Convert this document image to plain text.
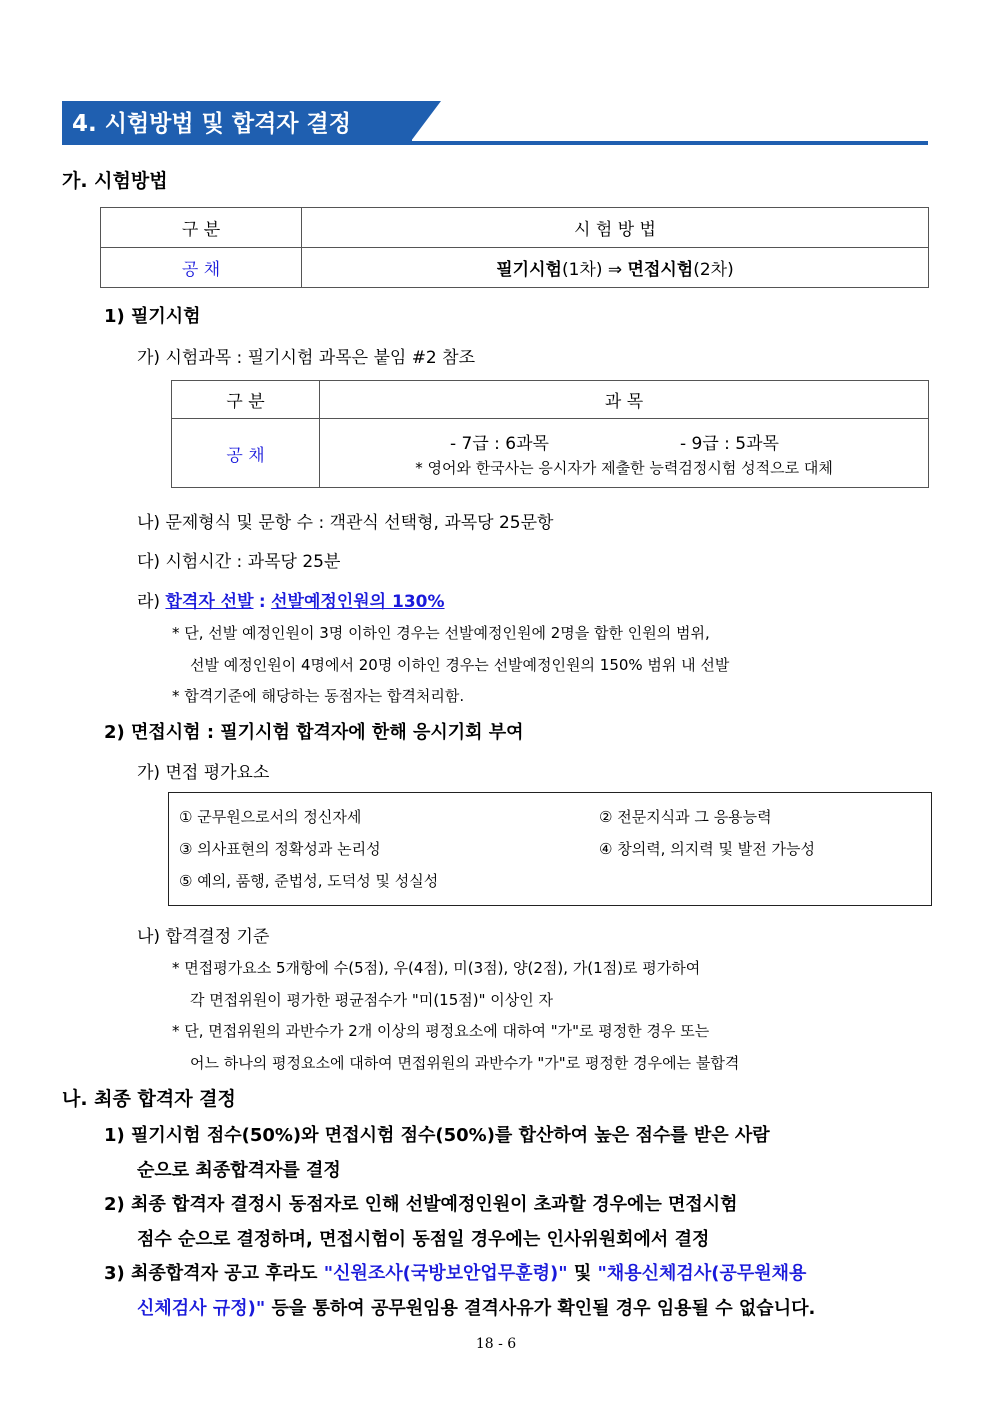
4. 시험방법 및 합격자 결정
가. 시험방법
구 분	시 험 방 법
공 채	필기시험(1차) ⇒ 면접시험(2차)
1) 필기시험
가) 시험과목 : 필기시험 과목은 붙임 #2 참조
구 분	과 목
공 채	- 7급 : 6과목 - 9급 : 5과목
* 영어와 한국사는 응시자가 제출한 능력검정시험 성적으로 대체
나) 문제형식 및 문항 수 : 객관식 선택형, 과목당 25문항
다) 시험시간 : 과목당 25분
라) 합격자 선발 : 선발예정인원의 130%
* 단, 선발 예정인원이 3명 이하인 경우는 선발예정인원에 2명을 합한 인원의 범위,
선발 예정인원이 4명에서 20명 이하인 경우는 선발예정인원의 150% 범위 내 선발
* 합격기준에 해당하는 동점자는 합격처리함.
2) 면접시험 : 필기시험 합격자에 한해 응시기회 부여
가) 면접 평가요소
① 군무원으로서의 정신자세	② 전문지식과 그 응용능력
③ 의사표현의 정확성과 논리성	④ 창의력, 의지력 및 발전 가능성
⑤ 예의, 품행, 준법성, 도덕성 및 성실성
나) 합격결정 기준
* 면접평가요소 5개항에 수(5점), 우(4점), 미(3점), 양(2점), 가(1점)로 평가하여
각 면접위원이 평가한 평균점수가 "미(15점)" 이상인 자
* 단, 면접위원의 과반수가 2개 이상의 평정요소에 대하여 "가"로 평정한 경우 또는
어느 하나의 평정요소에 대하여 면접위원의 과반수가 "가"로 평정한 경우에는 불합격
나. 최종 합격자 결정
1) 필기시험 점수(50%)와 면접시험 점수(50%)를 합산하여 높은 점수를 받은 사람
순으로 최종합격자를 결정
2) 최종 합격자 결정시 동점자로 인해 선발예정인원이 초과할 경우에는 면접시험
점수 순으로 결정하며, 면접시험이 동점일 경우에는 인사위원회에서 결정
3) 최종합격자 공고 후라도 "신원조사(국방보안업무훈령)" 및 "채용신체검사(공무원채용
신체검사 규정)" 등을 통하여 공무원임용 결격사유가 확인될 경우 임용될 수 없습니다.
18 - 6
